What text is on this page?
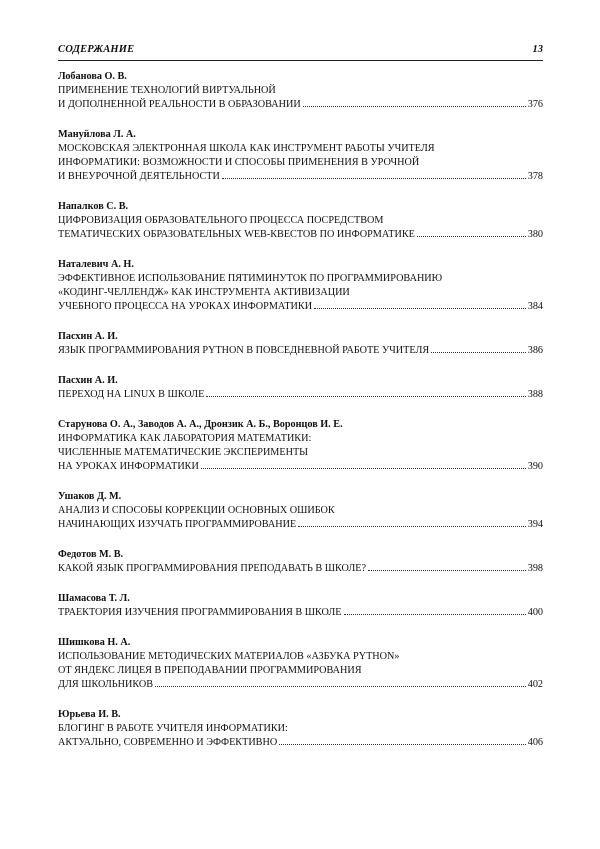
СОДЕРЖАНИЕ	13
Лобанова О. В.
ПРИМЕНЕНИЕ ТЕХНОЛОГИЙ ВИРТУАЛЬНОЙ
И ДОПОЛНЕННОЙ РЕАЛЬНОСТИ В ОБРАЗОВАНИИ	376
Мануйлова Л. А.
МОСКОВСКАЯ ЭЛЕКТРОННАЯ ШКОЛА КАК ИНСТРУМЕНТ РАБОТЫ УЧИТЕЛЯ
ИНФОРМАТИКИ: ВОЗМОЖНОСТИ И СПОСОБЫ ПРИМЕНЕНИЯ В УРОЧНОЙ
И ВНЕУРОЧНОЙ ДЕЯТЕЛЬНОСТИ	378
Напалков С. В.
ЦИФРОВИЗАЦИЯ ОБРАЗОВАТЕЛЬНОГО ПРОЦЕССА ПОСРЕДСТВОМ
ТЕМАТИЧЕСКИХ ОБРАЗОВАТЕЛЬНЫХ WEB-КВЕСТОВ ПО ИНФОРМАТИКЕ	380
Наталевич А. Н.
ЭФФЕКТИВНОЕ ИСПОЛЬЗОВАНИЕ ПЯТИМИНУТОК ПО ПРОГРАММИРОВАНИЮ
«КОДИНГ-ЧЕЛЛЕНДЖ» КАК ИНСТРУМЕНТА АКТИВИЗАЦИИ
УЧЕБНОГО ПРОЦЕССА НА УРОКАХ ИНФОРМАТИКИ	384
Пасхин А. И.
ЯЗЫК ПРОГРАММИРОВАНИЯ PYTHON В ПОВСЕДНЕВНОЙ РАБОТЕ УЧИТЕЛЯ	386
Пасхин А. И.
ПЕРЕХОД НА LINUX В ШКОЛЕ	388
Старунова О. А., Заводов А. А., Дронзик А. Б., Воронцов И. Е.
ИНФОРМАТИКА КАК ЛАБОРАТОРИЯ МАТЕМАТИКИ:
ЧИСЛЕННЫЕ МАТЕМАТИЧЕСКИЕ ЭКСПЕРИМЕНТЫ
НА УРОКАХ ИНФОРМАТИКИ	390
Ушаков Д. М.
АНАЛИЗ И СПОСОБЫ КОРРЕКЦИИ ОСНОВНЫХ ОШИБОК
НАЧИНАЮЩИХ ИЗУЧАТЬ ПРОГРАММИРОВАНИЕ	394
Федотов М. В.
КАКОЙ ЯЗЫК ПРОГРАММИРОВАНИЯ ПРЕПОДАВАТЬ В ШКОЛЕ?	398
Шамасова Т. Л.
ТРАЕКТОРИЯ ИЗУЧЕНИЯ ПРОГРАММИРОВАНИЯ В ШКОЛЕ	400
Шишкова Н. А.
ИСПОЛЬЗОВАНИЕ МЕТОДИЧЕСКИХ МАТЕРИАЛОВ «АЗБУКА PYTHON»
ОТ ЯНДЕКС ЛИЦЕЯ В ПРЕПОДАВАНИИ ПРОГРАММИРОВАНИЯ
ДЛЯ ШКОЛЬНИКОВ	402
Юрьева И. В.
БЛОГИНГ В РАБОТЕ УЧИТЕЛЯ ИНФОРМАТИКИ:
АКТУАЛЬНО, СОВРЕМЕННО И ЭФФЕКТИВНО	406
